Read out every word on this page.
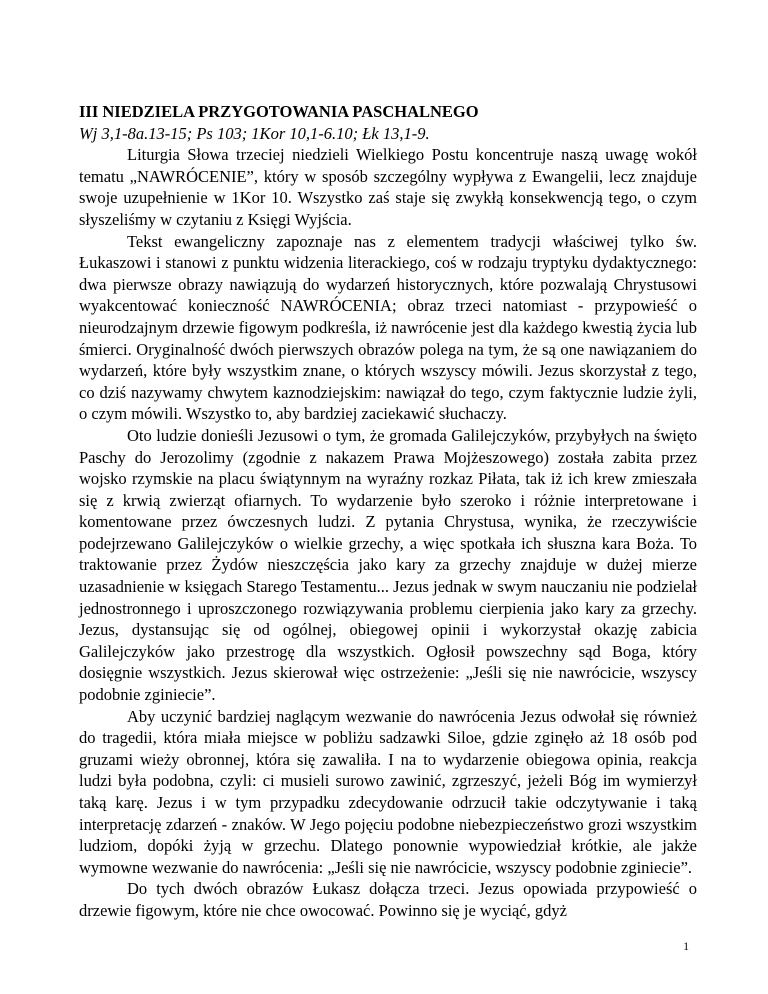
III NIEDZIELA PRZYGOTOWANIA PASCHALNEGO

Wj 3,1-8a.13-15; Ps 103; 1Kor 10,1-6.10; Łk 13,1-9.

Liturgia Słowa trzeciej niedzieli Wielkiego Postu koncentruje naszą uwagę wokół tematu „NAWRÓCENIE”, który w sposób szczególny wypływa z Ewangelii, lecz znajduje swoje uzupełnienie w 1Kor 10. Wszystko zaś staje się zwykłą konsekwencją tego, o czym słyszeliśmy w czytaniu z Księgi Wyjścia.

Tekst ewangeliczny zapoznaje nas z elementem tradycji właściwej tylko św. Łukaszowi i stanowi z punktu widzenia literackiego, coś w rodzaju tryptyku dydaktycznego: dwa pierwsze obrazy nawiązują do wydarzeń historycznych, które pozwalają Chrystusowi wyakcentować konieczność NAWRÓCENIA; obraz trzeci natomiast - przypowieść o nieurodzajnym drzewie figowym podkreśla, iż nawrócenie jest dla każdego kwestią życia lub śmierci. Oryginalność dwóch pierwszych obrazów polega na tym, że są one nawiązaniem do wydarzeń, które były wszystkim znane, o których wszyscy mówili. Jezus skorzystał z tego, co dziś nazywamy chwytem kaznodziejskim: nawiązał do tego, czym faktycznie ludzie żyli, o czym mówili. Wszystko to, aby bardziej zaciekawić słuchaczy.

Oto ludzie donieśli Jezusowi o tym, że gromada Galilejczyków, przybyłych na święto Paschy do Jerozolimy (zgodnie z nakazem Prawa Mojżeszowego) została zabita przez wojsko rzymskie na placu świątynnym na wyraźny rozkaz Piłata, tak iż ich krew zmieszała się z krwią zwierząt ofiarnych. To wydarzenie było szeroko i różnie interpretowane i komentowane przez ówczesnych ludzi. Z pytania Chrystusa, wynika, że rzeczywiście podejrzewano Galilejczyków o wielkie grzechy, a więc spotkała ich słuszna kara Boża. To traktowanie przez Żydów nieszczęścia jako kary za grzechy znajduje w dużej mierze uzasadnienie w księgach Starego Testamentu... Jezus jednak w swym nauczaniu nie podzielał jednostronnego i uproszczonego rozwiązywania problemu cierpienia jako kary za grzechy. Jezus, dystansując się od ogólnej, obiegowej opinii i wykorzystał okazję zabicia Galilejczyków jako przestrogę dla wszystkich. Ogłosił powszechny sąd Boga, który dosięgnie wszystkich. Jezus skierował więc ostrzeżenie: „Jeśli się nie nawrócicie, wszyscy podobnie zginiecie”.

Aby uczynić bardziej naglącym wezwanie do nawrócenia Jezus odwołał się również do tragedii, która miała miejsce w pobliżu sadzawki Siloe, gdzie zginęło aż 18 osób pod gruzami wieży obronnej, która się zawaliła. I na to wydarzenie obiegowa opinia, reakcja ludzi była podobna, czyli: ci musieli surowo zawinić, zgrzeszyć, jeżeli Bóg im wymierzył taką karę. Jezus i w tym przypadku zdecydowanie odrzucił takie odczytywanie i taką interpretację zdarzeń - znaków. W Jego pojęciu podobne niebezpieczeństwo grozi wszystkim ludziom, dopóki żyją w grzechu. Dlatego ponownie wypowiedział krótkie, ale jakże wymowne wezwanie do nawrócenia: „Jeśli się nie nawrócicie, wszyscy podobnie zginiecie”.

Do tych dwóch obrazów Łukasz dołącza trzeci. Jezus opowiada przypowieść o drzewie figowym, które nie chce owocować. Powinno się je wyciąć, gdyż

1
